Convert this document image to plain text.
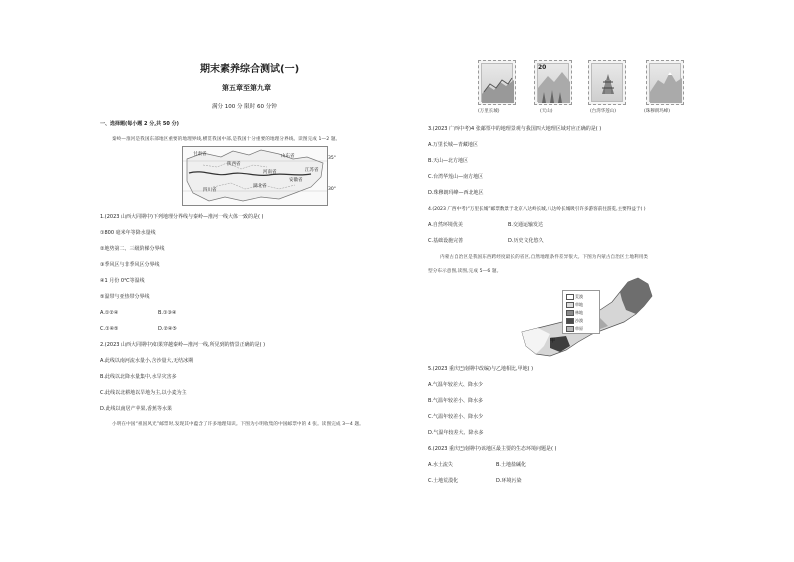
期末素养综合测试(一)
第五章至第九章
满分 100 分 限时 60 分钟
一、选择题(每小题 2 分,共 50 分)
秦岭—淮河是我国东部地区重要的地理界线,横贯我国中部,是我国十分重要的地理分界线。读图完成 1—2 题。
甘肃省
陕西省
山东省
四川省
河南省
湖北省
安徽省
江苏省
35°
30°
1.(2023 山西大同期中)下列地理分界线与秦岭—淮河一线大体一致的是( )
①800 毫米年等降水量线
②地势第二、三级阶梯分界线
③季风区与非季风区分界线
④1 月份 0℃等温线
⑤温带与亚热带分界线
A.①②④	B.①③④
C.①④⑤	D.②④⑤
2.(2023 山西大同期中)如果穿越秦岭—淮河一线,所见到的情景正确的是( )
A.此线以南河流水量小,含沙量大,无结冰期
B.此线以北降水量集中,水旱灾害多
C.此线以北耕地以旱地为主,以小麦为主
D.此线以南居产苹果,香蕉等水果
小明在中国“祖国风光”邮票时,发现其中蕴含了许多地理知识。下图为小明收集的中国邮票中的 4 张。读图完成 3—4 题。
20
(万里长城)	(天山)	(台湾华莲山)	(珠穆朗玛峰)
3.(2023 广西中考)4 张邮票中的地理景观与我国四大地理区域对应正确的是( )
A.万里长城—青藏地区
B.天山—北方地区
C.台湾华莲山—南方地区
D.珠穆朗玛峰—西北地区
4.(2023 广西中考)“万里长城”邮票数景于北京八达岭长城,八达岭长城吸引许多游客前往游览,主要得益于( )
A.自然环境优美	B.交通运输发达
C.基础设施完善	D.历史文化悠久
内蒙古自治区是我国东西跨经度最长的省区,自然地理条件差异很大。下图为内蒙古自治区土地利用类
型分布示意图,读图,完成 5—6 题。
甲
荒漠
草地
林地
沙漠
草原
5.(2023 重庆巴南期中改编)与乙地相比,甲地( )
A.气温年较差大、降水少
B.气温年较差小、降水多
C.气温年较差小、降水少
D.气温年较差大、降水多
6.(2023 重庆巴南期中)该地区最主要的生态环境问题是( )
A.水土流失	B.土地盐碱化
C.土地荒漠化	D.环境污染
